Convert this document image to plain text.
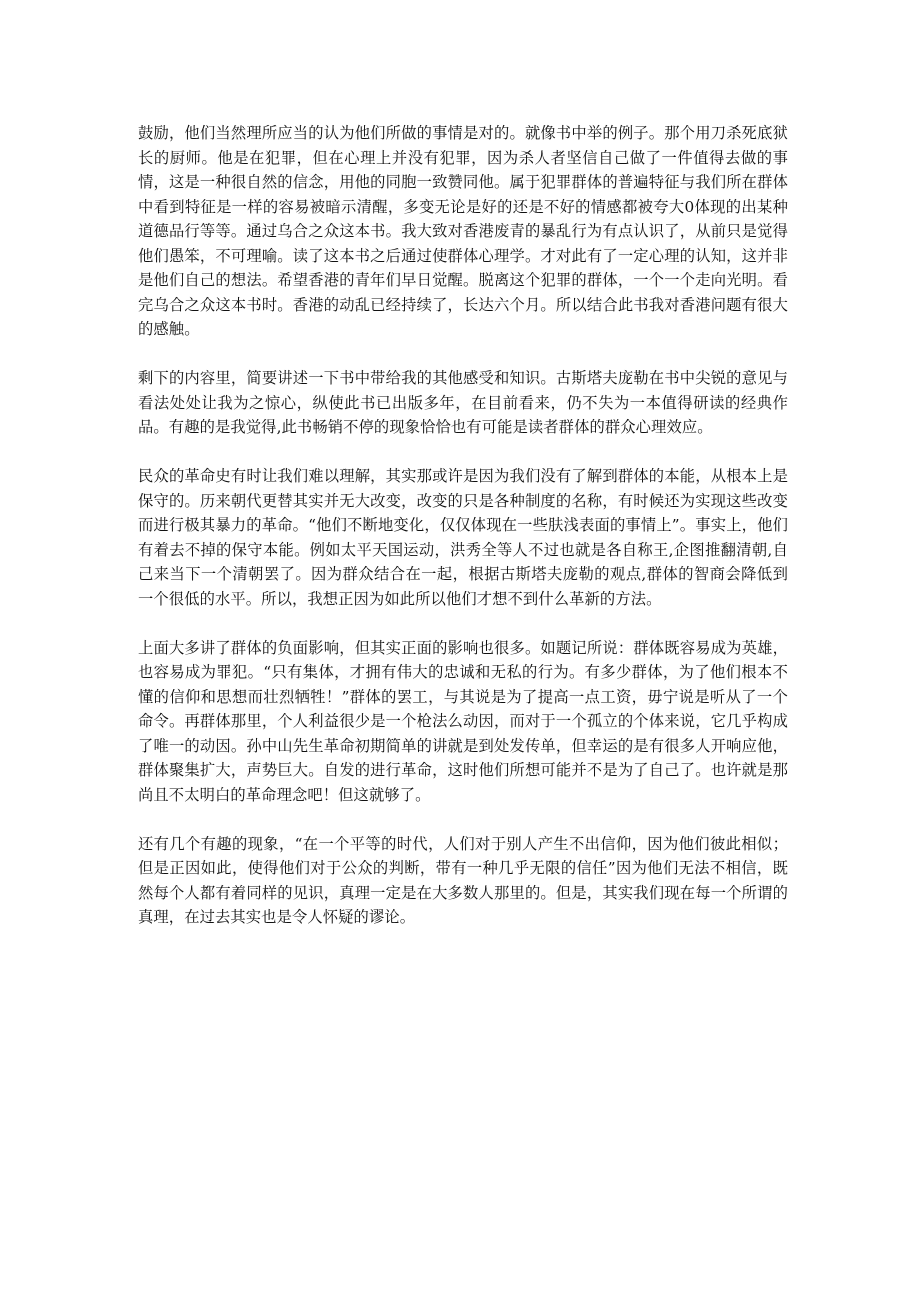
鼓励，他们当然理所应当的认为他们所做的事情是对的。就像书中举的例子。那个用刀杀死底狱长的厨师。他是在犯罪，但在心理上并没有犯罪，因为杀人者坚信自己做了一件值得去做的事情，这是一种很自然的信念，用他的同胞一致赞同他。属于犯罪群体的普遍特征与我们所在群体中看到特征是一样的容易被暗示清醒，多变无论是好的还是不好的情感都被夸大0体现的出某种道德品行等等。通过乌合之众这本书。我大致对香港废青的暴乱行为有点认识了，从前只是觉得他们愚笨，不可理喻。读了这本书之后通过使群体心理学。才对此有了一定心理的认知，这并非是他们自己的想法。希望香港的青年们早日觉醒。脱离这个犯罪的群体，一个一个走向光明。看完乌合之众这本书时。香港的动乱已经持续了，长达六个月。所以结合此书我对香港问题有很大的感触。

剩下的内容里，简要讲述一下书中带给我的其他感受和知识。古斯塔夫庞勒在书中尖锐的意见与看法处处让我为之惊心，纵使此书已出版多年，在目前看来，仍不失为一本值得研读的经典作品。有趣的是我觉得,此书畅销不停的现象恰恰也有可能是读者群体的群众心理效应。

民众的革命史有时让我们难以理解，其实那或许是因为我们没有了解到群体的本能，从根本上是保守的。历来朝代更替其实并无大改变，改变的只是各种制度的名称，有时候还为实现这些改变而进行极其暴力的革命。“他们不断地变化，仅仅体现在一些肤浅表面的事情上”。事实上，他们有着去不掉的保守本能。例如太平天国运动，洪秀全等人不过也就是各自称王,企图推翻清朝,自己来当下一个清朝罢了。因为群众结合在一起，根据古斯塔夫庞勒的观点,群体的智商会降低到一个很低的水平。所以，我想正因为如此所以他们才想不到什么革新的方法。

上面大多讲了群体的负面影响，但其实正面的影响也很多。如题记所说：群体既容易成为英雄，也容易成为罪犯。“只有集体，才拥有伟大的忠诚和无私的行为。有多少群体，为了他们根本不懂的信仰和思想而壮烈牺牲！”群体的罢工，与其说是为了提高一点工资，毋宁说是听从了一个命令。再群体那里，个人利益很少是一个枪法么动因，而对于一个孤立的个体来说，它几乎构成了唯一的动因。孙中山先生革命初期简单的讲就是到处发传单，但幸运的是有很多人开响应他，群体聚集扩大，声势巨大。自发的进行革命，这时他们所想可能并不是为了自己了。也许就是那尚且不太明白的革命理念吧！但这就够了。

还有几个有趣的现象，“在一个平等的时代，人们对于别人产生不出信仰，因为他们彼此相似；但是正因如此，使得他们对于公众的判断，带有一种几乎无限的信任”因为他们无法不相信，既然每个人都有着同样的见识，真理一定是在大多数人那里的。但是，其实我们现在每一个所谓的真理，在过去其实也是令人怀疑的谬论。
